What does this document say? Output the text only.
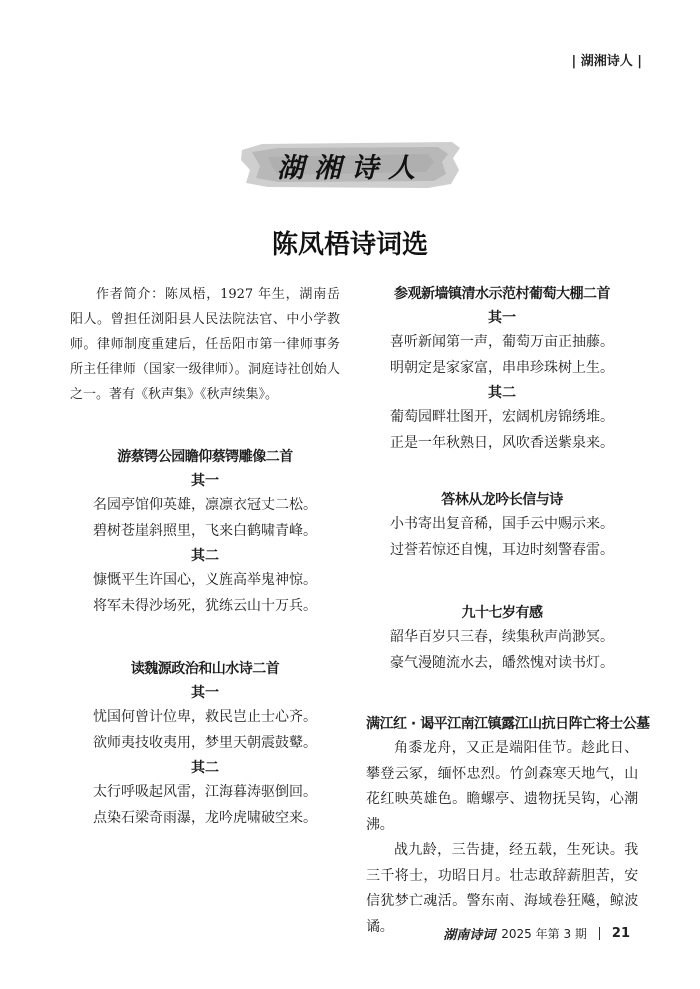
| 湖湘诗人 |
湖湘诗人
陈凤梧诗词选

作者简介：陈凤梧，1927 年生，湖南岳阳人。曾担任浏阳县人民法院法官、中小学教师。律师制度重建后，任岳阳市第一律师事务所主任律师（国家一级律师）。洞庭诗社创始人之一。著有《秋声集》《秋声续集》。

游蔡锷公园瞻仰蔡锷雕像二首
其一
名园亭馆仰英雄，凛凛衣冠丈二松。
碧树苍崖斜照里，飞来白鹤啸青峰。
其二
慷慨平生许国心，义旌高举鬼神惊。
将军未得沙场死，犹练云山十万兵。
读魏源政治和山水诗二首
其一
忧国何曾计位卑，救民岂止士心齐。
欲师夷技收夷用，梦里天朝震鼓鼙。
其二
太行呼吸起风雷，江海暮涛驱倒回。
点染石梁奇雨瀑，龙吟虎啸破空来。
参观新墙镇清水示范村葡萄大棚二首
其一
喜听新闻第一声，葡萄万亩正抽藤。
明朝定是家家富，串串珍珠树上生。
其二
葡萄园畔壮图开，宏阔机房锦绣堆。
正是一年秋熟日，风吹香送紫泉来。
答林从龙吟长信与诗
小书寄出复音稀，国手云中赐示来。
过誉若惊还自愧，耳边时刻警春雷。
九十七岁有感
韶华百岁只三春，续集秋声尚渺冥。
豪气漫随流水去，皤然愧对读书灯。
满江红 · 谒平江南江镇露江山抗日阵亡将士公墓

角黍龙舟，又正是端阳佳节。趁此日、攀登云冢，缅怀忠烈。竹剑森寒天地气，山花红映英雄色。瞻螺亭、遗物抚吴钩，心潮沸。

战九龄，三告捷，经五载，生死诀。我三千将士，功昭日月。壮志敢辞薪胆苦，安信犹梦亡魂活。警东南、海域卷狂飚，鲸波谲。

湖南诗词 2025 年第 3 期 21
